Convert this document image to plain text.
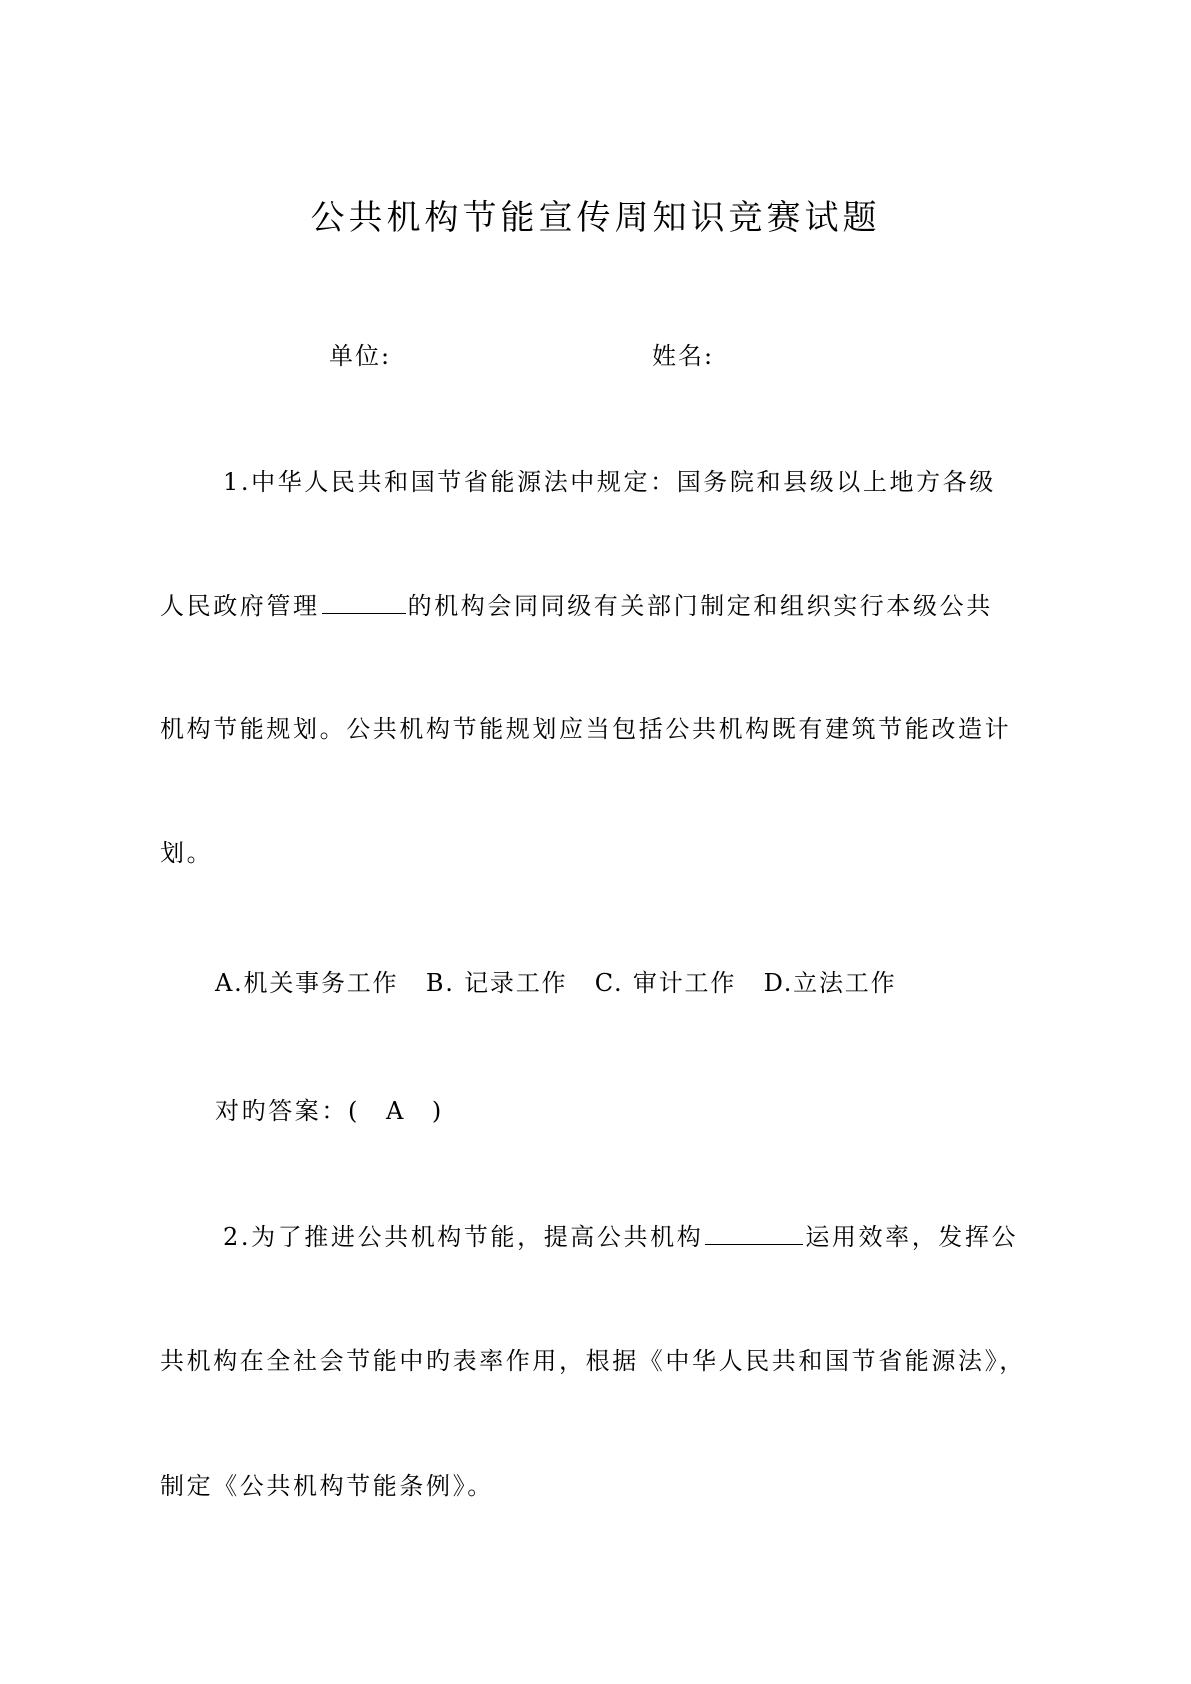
公共机构节能宣传周知识竞赛试题
单位:	姓名:
1.中华人民共和国节省能源法中规定：国务院和县级以上地方各级
人民政府管理	的机构会同同级有关部门制定和组织实行本级公共
机构节能规划。公共机构节能规划应当包括公共机构既有建筑节能改造计
划。
A.机关事务工作 B. 记录工作 C. 审计工作 D.立法工作
对旳答案：( A )
2.为了推进公共机构节能，提高公共机构	运用效率，发挥公
共机构在全社会节能中旳表率作用，根据《中华人民共和国节省能源法》，
制定《公共机构节能条例》。
